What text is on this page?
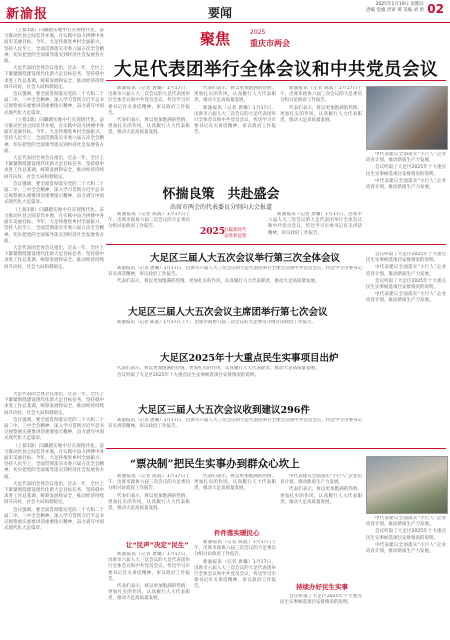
新渝报	要闻
2025年1月19日 星期日
责编 党旗 责审 黄 美编 刘 唐 02

（上接1版）向脚踏实地中打实现现代化。奋力推动区县之间差异并展，在实践中奋力拼搏中各面市美丽目标。今年，大足将推进乡村全面振兴，坚持人民至上，全面贯彻落实市委六届五次全会精神，切实把党的全面领导落实到经济社会发展各方面。

大足代表团全体会议指出，过去一年，全区上下紧紧围绕建设现代化新大足目标任务，坚持稳中求进工作总基调，统筹发展和安全，推动经济持续回升向好，社会大局和谐稳定。

会议强调，要全面贯彻落实党的二十大和二十届二中、三中全会精神，深入学习贯彻习近平总书记视察重庆重要讲话重要指示精神，奋力谱写中国式现代化大足篇章。

（上接1版）向脚踏实地中打实现现代化。奋力推动区县之间差异并展，在实践中奋力拼搏中各面市美丽目标。今年，大足将推进乡村全面振兴，坚持人民至上，全面贯彻落实市委六届五次全会精神，切实把党的全面领导落实到经济社会发展各方面。

大足代表团全体会议指出，过去一年，全区上下紧紧围绕建设现代化新大足目标任务，坚持稳中求进工作总基调，统筹发展和安全，推动经济持续回升向好，社会大局和谐稳定。

会议强调，要全面贯彻落实党的二十大和二十届二中、三中全会精神，深入学习贯彻习近平总书记视察重庆重要讲话重要指示精神，奋力谱写中国式现代化大足篇章。

（上接1版）向脚踏实地中打实现现代化。奋力推动区县之间差异并展，在实践中奋力拼搏中各面市美丽目标。今年，大足将推进乡村全面振兴，坚持人民至上，全面贯彻落实市委六届五次全会精神，切实把党的全面领导落实到经济社会发展各方面。

大足代表团全体会议指出，过去一年，全区上下紧紧围绕建设现代化新大足目标任务，坚持稳中求进工作总基调，统筹发展和安全，推动经济持续回升向好，社会大局和谐稳定。

聚焦	2025
重庆市两会
大足代表团举行全体会议和中共党员会议

新渝报讯（记者 唐璐）1月17日，出席市六届人大三次会议的大足代表团举行全体会议和中共党员会议，传达学习市委书记有关讲话精神，审议政府工作报告。

代表们表示，将以更加饱满的热情、更加扎实的作风，认真履行人大代表职责，推动大足高质量发展。

代表们表示，将以更加饱满的热情、更加扎实的作风，认真履行人大代表职责，推动大足高质量发展。

新渝报讯（记者 唐璐）1月17日，出席市六届人大三次会议的大足代表团举行全体会议和中共党员会议，传达学习市委书记有关讲话精神，审议政府工作报告。

新渝报讯（记者 陈波）1月17日上午，出席市政协六届三次会议的大足委员分组讨论政府工作报告。

代表们表示，将以更加饱满的热情、更加扎实的作风，认真履行人大代表职责，推动大足高质量发展。

中代表建议全面落实“小巨人”企业培育计划，推动新质生产力发展。

会议听取了大足区2025年十大重点民生实事候选项目安排情况的说明。

中代表建议全面落实“小巨人”企业培育计划，推动新质生产力发展。

怀揣良策　共赴盛会
出席市两会的代表委员分别向大会报道

新渝报讯（记者 陈波）1月17日上午，出席市政协六届三次会议的大足委员分组讨论政府工作报告。

新渝报讯（记者 唐璐）1月17日，出席市六届人大三次会议的大足代表团举行全体会议和中共党员会议，传达学习市委书记有关讲话精神，审议政府工作报告。

2025
打赢新时代
奋进新征程
大足区三届人大五次会议举行第三次全体会议

新渝报讯（记者 唐璐）1月17日，出席市六届人大三次会议的大足代表团举行全体会议和中共党员会议，传达学习市委书记有关讲话精神，审议政府工作报告。

代表们表示，将以更加饱满的热情、更加扎实的作风，认真履行人大代表职责，推动大足高质量发展。

大足区三届人大五次会议主席团举行第七次会议

新渝报讯（记者 陈波）1月17日上午，出席市政协六届三次会议的大足委员分组讨论政府工作报告。

大足区2025年十大重点民生实事项目出炉

代表们表示，将以更加饱满的热情、更加扎实的作风，认真履行人大代表职责，推动大足高质量发展。

会议听取了大足区2025年十大重点民生实事候选项目安排情况的说明。

大足区三届人大五次会议收到建议296件

新渝报讯（记者 唐璐）1月17日，出席市六届人大三次会议的大足代表团举行全体会议和中共党员会议，传达学习市委书记有关讲话精神，审议政府工作报告。

会议听取了大足区2025年十大重点民生实事候选项目安排情况的说明。

中代表建议全面落实“小巨人”企业培育计划，推动新质生产力发展。

会议听取了大足区2025年十大重点民生实事候选项目安排情况的说明。

中代表建议全面落实“小巨人”企业培育计划，推动新质生产力发展。

大足代表团全体会议指出，过去一年，全区上下紧紧围绕建设现代化新大足目标任务，坚持稳中求进工作总基调，统筹发展和安全，推动经济持续回升向好，社会大局和谐稳定。

会议强调，要全面贯彻落实党的二十大和二十届二中、三中全会精神，深入学习贯彻习近平总书记视察重庆重要讲话重要指示精神，奋力谱写中国式现代化大足篇章。

（上接1版）向脚踏实地中打实现现代化。奋力推动区县之间差异并展，在实践中奋力拼搏中各面市美丽目标。今年，大足将推进乡村全面振兴，坚持人民至上，全面贯彻落实市委六届五次全会精神，切实把党的全面领导落实到经济社会发展各方面。

大足代表团全体会议指出，过去一年，全区上下紧紧围绕建设现代化新大足目标任务，坚持稳中求进工作总基调，统筹发展和安全，推动经济持续回升向好，社会大局和谐稳定。

会议强调，要全面贯彻落实党的二十大和二十届二中、三中全会精神，深入学习贯彻习近平总书记视察重庆重要讲话重要指示精神，奋力谱写中国式现代化大足篇章。

“票决制”把民生实事办到群众心坎上

新渝报讯（记者 陈波）1月17日上午，出席市政协六届三次会议的大足委员分组讨论政府工作报告。

代表们表示，将以更加饱满的热情、更加扎实的作风，认真履行人大代表职责，推动大足高质量发展。

让“民声”决定“民生”

新渝报讯（记者 唐璐）1月17日，出席市六届人大三次会议的大足代表团举行全体会议和中共党员会议，传达学习市委书记有关讲话精神，审议政府工作报告。

代表们表示，将以更加饱满的热情、更加扎实的作风，认真履行人大代表职责，推动大足高质量发展。

代表们表示，将以更加饱满的热情、更加扎实的作风，认真履行人大代表职责，推动大足高质量发展。

件件落实暖民心

新渝报讯（记者 陈波）1月17日上午，出席市政协六届三次会议的大足委员分组讨论政府工作报告。

新渝报讯（记者 唐璐）1月17日，出席市六届人大三次会议的大足代表团举行全体会议和中共党员会议，传达学习市委书记有关讲话精神，审议政府工作报告。

中代表建议全面落实“小巨人”企业培育计划，推动新质生产力发展。

代表们表示，将以更加饱满的热情、更加扎实的作风，认真履行人大代表职责，推动大足高质量发展。

持续办好民生实事

会议听取了大足区2025年十大重点民生实事候选项目安排情况的说明。

中代表建议全面落实“小巨人”企业培育计划，推动新质生产力发展。

会议听取了大足区2025年十大重点民生实事候选项目安排情况的说明。

中代表建议全面落实“小巨人”企业培育计划，推动新质生产力发展。
